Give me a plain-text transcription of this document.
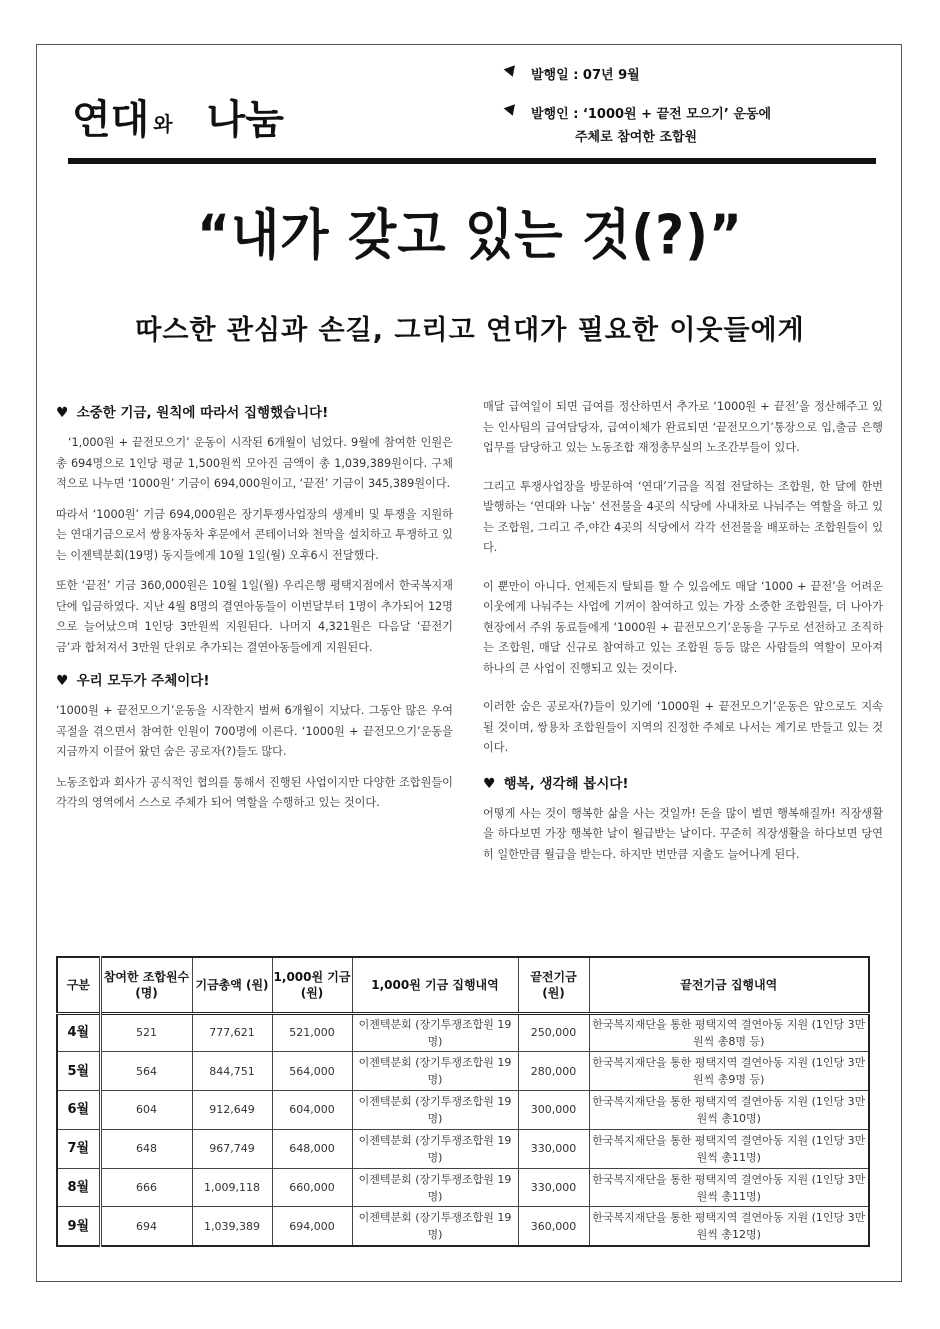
연대 와 나눔
발행일 : 07년 9월
발행인 : ‘1000원 + 끝전 모으기’ 운동에
주체로 참여한 조합원
“내가 갖고 있는 것(?)”
따스한 관심과 손길, 그리고 연대가 필요한 이웃들에게
♥ 소중한 기금, 원칙에 따라서 집행했습니다!

‘1,000원 + 끝전모으기’ 운동이 시작된 6개월이 넘었다. 9월에 참여한 인원은 총 694명으로 1인당 평균 1,500원씩 모아진 금액이 총 1,039,389원이다. 구체적으로 나누면 ‘1000원’ 기금이 694,000원이고, ‘끝전’ 기금이 345,389원이다.

따라서 ‘1000원’ 기금 694,000원은 장기투쟁사업장의 생계비 및 투쟁을 지원하는 연대기금으로서 쌍용자동차 후문에서 콘테이너와 천막을 설치하고 투쟁하고 있는 이젠텍분회(19명) 동지들에게 10월 1일(월) 오후6시 전달했다.

또한 ‘끝전’ 기금 360,000원은 10월 1일(월) 우리은행 평택지점에서 한국복지재단에 입금하였다. 지난 4월 8명의 결연아동들이 이번달부터 1명이 추가되어 12명으로 늘어났으며 1인당 3만원씩 지원된다. 나머지 4,321원은 다음달 ‘끝전기금’과 합쳐져서 3만원 단위로 추가되는 결연아동들에게 지원된다.

♥ 우리 모두가 주체이다!

‘1000원 + 끝전모으기’운동을 시작한지 벌써 6개월이 지났다. 그동안 많은 우여곡절을 겪으면서 참여한 인원이 700명에 이른다. ‘1000원 + 끝전모으기’운동을 지금까지 이끌어 왔던 숨은 공로자(?)들도 많다.

노동조합과 회사가 공식적인 협의를 통해서 진행된 사업이지만 다양한 조합원들이 각각의 영역에서 스스로 주체가 되어 역할을 수행하고 있는 것이다.

매달 급여일이 되면 급여를 정산하면서 추가로 ‘1000원 + 끝전’을 정산해주고 있는 인사팀의 급여담당자, 급여이체가 완료되면 ‘끝전모으기’통장으로 입,출금 은행업무를 담당하고 있는 노동조합 재정총무실의 노조간부들이 있다.

그리고 투쟁사업장을 방문하여 ‘연대’기금을 직접 전달하는 조합원, 한 달에 한번 발행하는 ‘연대와 나눔’ 선전물을 4곳의 식당에 사내차로 나눠주는 역할을 하고 있는 조합원, 그리고 주,야간 4곳의 식당에서 각각 선전물을 배포하는 조합원들이 있다.

이 뿐만이 아니다. 언제든지 탈퇴를 할 수 있음에도 매달 ‘1000 + 끝전’을 어려운 이웃에게 나눠주는 사업에 기꺼이 참여하고 있는 가장 소중한 조합원들, 더 나아가 현장에서 주위 동료들에게 ‘1000원 + 끝전모으기’운동을 구두로 선전하고 조직하는 조합원, 매달 신규로 참여하고 있는 조합원 등등 많은 사람들의 역할이 모아져 하나의 큰 사업이 진행되고 있는 것이다.

이러한 숨은 공로자(?)들이 있기에 ‘1000원 + 끝전모으기’운동은 앞으로도 지속될 것이며, 쌍용차 조합원들이 지역의 진정한 주체로 나서는 계기로 만들고 있는 것이다.

♥ 행복, 생각해 봅시다!

어떻게 사는 것이 행복한 삶을 사는 것일까! 돈을 많이 벌면 행복해질까! 직장생활을 하다보면 가장 행복한 날이 월급받는 날이다. 꾸준히 직장생활을 하다보면 당연히 일한만큼 월급을 받는다. 하지만 번만큼 지출도 늘어나게 된다.

구분	참여한 조합원수(명)	기금총액 (원)	1,000원 기금(원)	1,000원 기금 집행내역	끝전기금 (원)	끝전기금 집행내역
4월	521	777,621	521,000	이젠텍분회 (장기투쟁조합원 19명)	250,000	한국복지재단을 통한 평택지역 결연아동 지원 (1인당 3만원씩 총8명 등)
5월	564	844,751	564,000	이젠텍분회 (장기투쟁조합원 19명)	280,000	한국복지재단을 통한 평택지역 결연아동 지원 (1인당 3만원씩 총9명 등)
6월	604	912,649	604,000	이젠텍분회 (장기투쟁조합원 19명)	300,000	한국복지재단을 통한 평택지역 결연아동 지원 (1인당 3만원씩 총10명)
7월	648	967,749	648,000	이젠텍분회 (장기투쟁조합원 19명)	330,000	한국복지재단을 통한 평택지역 결연아동 지원 (1인당 3만원씩 총11명)
8월	666	1,009,118	660,000	이젠텍분회 (장기투쟁조합원 19명)	330,000	한국복지재단을 통한 평택지역 결연아동 지원 (1인당 3만원씩 총11명)
9월	694	1,039,389	694,000	이젠텍분회 (장기투쟁조합원 19명)	360,000	한국복지재단을 통한 평택지역 결연아동 지원 (1인당 3만원씩 총12명)
